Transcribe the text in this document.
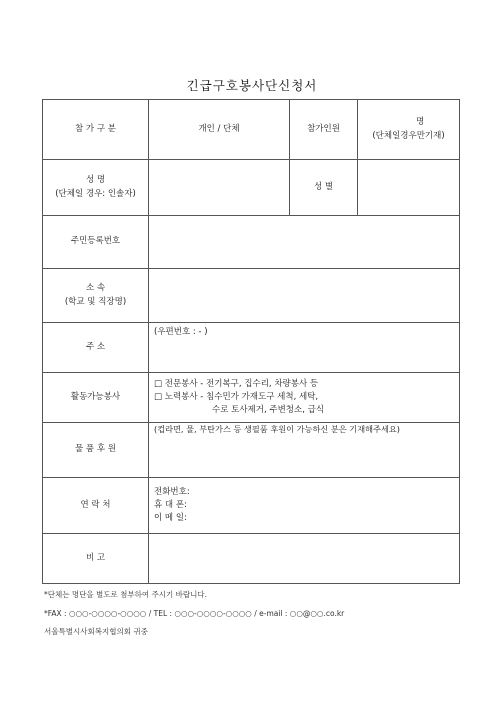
긴급구호봉사단신청서
참 가 구 분	개인 / 단체	참가인원	명
(단체일경우만기재)

성 명
(단체일 경우: 인솔자)		성 별	
주민등록번호			

소 속
(학교 및 직장명)			

주 소	(우편번호 : - )		

활동가능봉사	□ 전문봉사 - 전기복구, 집수리, 차량봉사 등
□ 노력봉사 - 침수민가 가재도구 세척, 세탁,
수로 토사제거, 주변청소, 급식		

물 품 후 원	(컵라면, 물, 부탄가스 등 생필품 후원이 가능하신 분은 기재해주세요)		

연 락 처	전화번호:
휴 대 폰:
이 메 일:		

비 고			
*단체는 명단을 별도로 첨부하여 주시기 바랍니다.
*FAX : ○○○-○○○○-○○○○ / TEL : ○○○-○○○○-○○○○ / e-mail : ○○@○○.co.kr
서울특별시사회복지협의회 귀중
